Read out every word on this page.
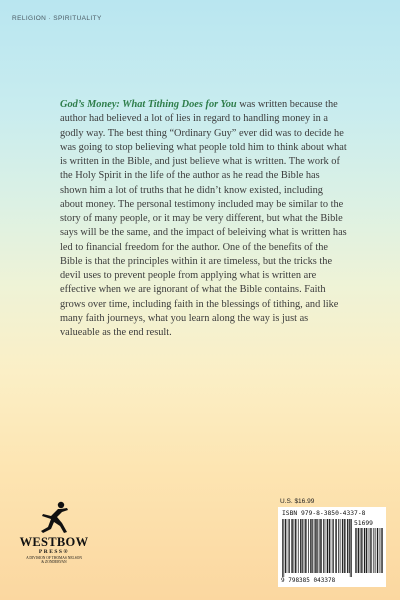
RELIGION · SPIRITUALITY

God’s Money: What Tithing Does for You was written because the author had believed a lot of lies in regard to handling money in a godly way. The best thing “Ordinary Guy” ever did was to decide he was going to stop believing what people told him to think about what is written in the Bible, and just believe what is written. The work of the Holy Spirit in the life of the author as he read the Bible has shown him a lot of truths that he didn’t know existed, including about money. The personal testimony included may be similar to the story of many people, or it may be very different, but what the Bible says will be the same, and the impact of beleiving what is written has led to financial freedom for the author. One of the benefits of the Bible is that the principles within it are timeless, but the tricks the devil uses to prevent people from applying what is written are effective when we are ignorant of what the Bible contains. Faith grows over time, including faith in the blessings of tithing, and like many faith journeys, what you learn along the way is just as valueable as the end result.

WESTBOW
PRESS®
A DIVISION OF THOMAS NELSON
& ZONDERVAN
U.S. $16.99
ISBN 979-8-3850-4337-8
51699
9 798385 043378
